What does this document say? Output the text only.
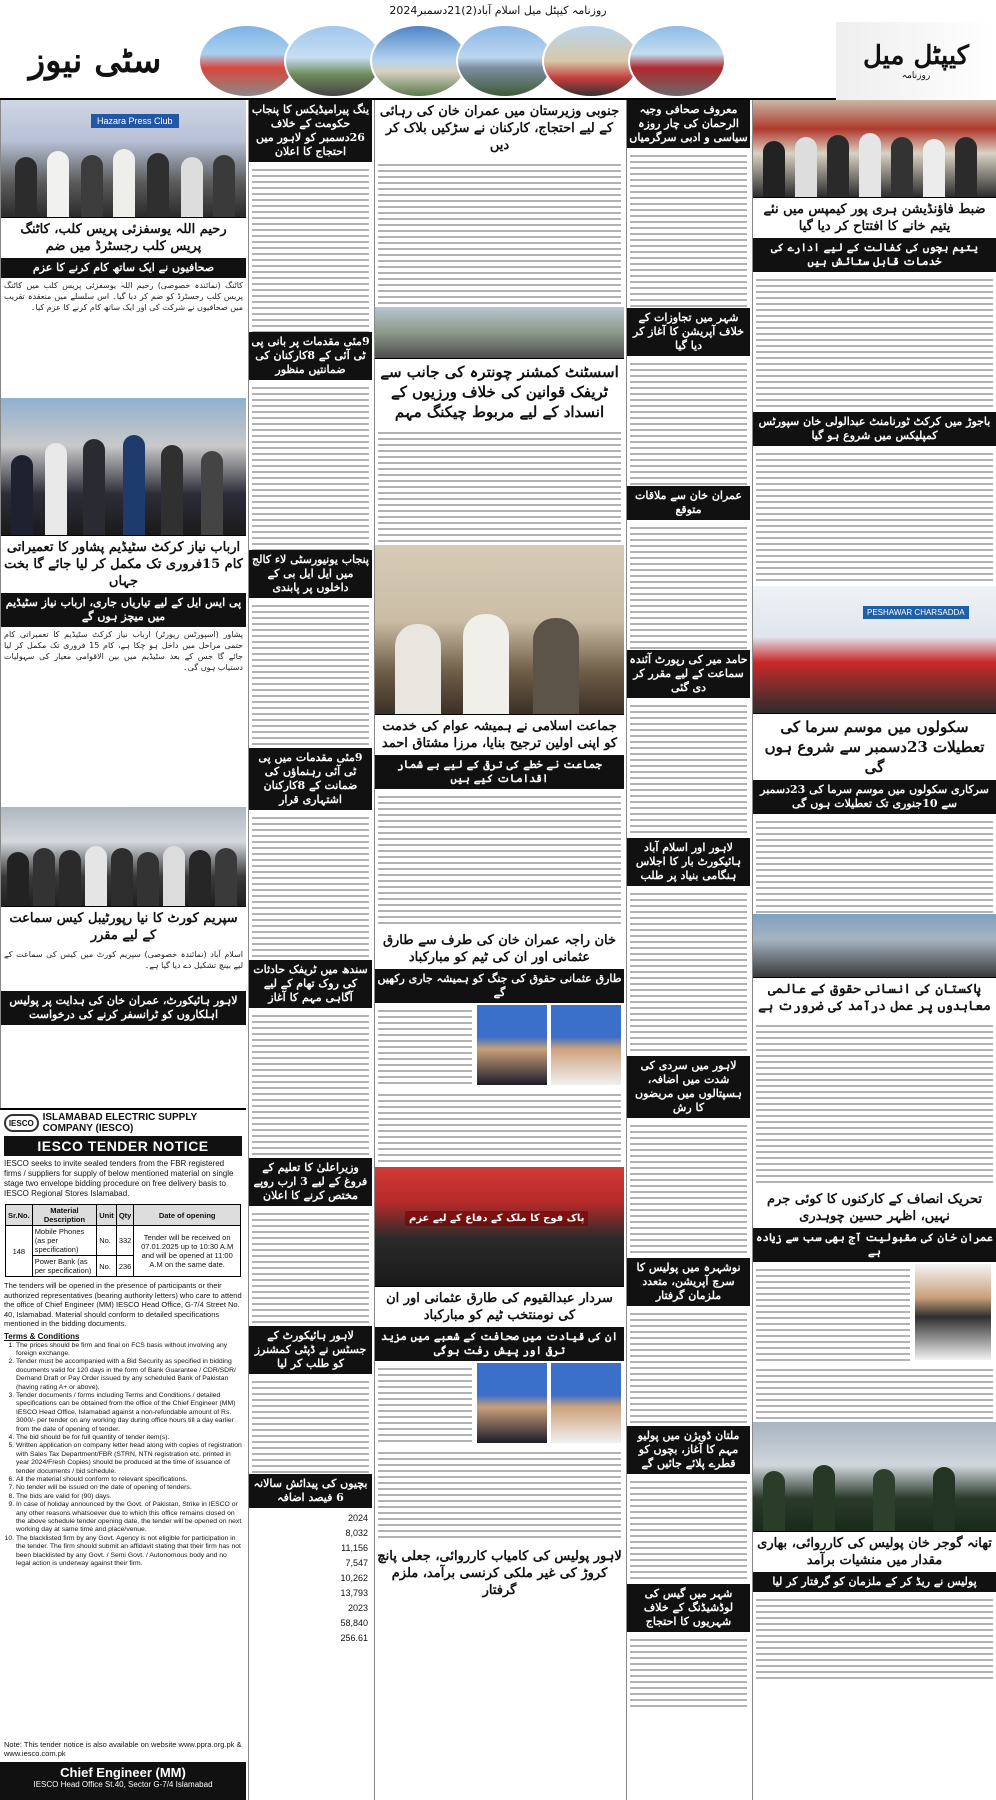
روزنامہ کیپٹل میل اسلام آباد(2)21دسمبر2024
سٹی نیوز	کیپٹل میل
روزنامہ
Hazara Press Club
رحیم اللہ یوسفزئی پریس کلب، کاٹنگ پریس کلب رجسٹرڈ میں ضم
صحافیوں نے ایک ساتھ کام کرنے کا عزم
کاٹنگ (نمائندہ خصوصی) رحیم اللہ یوسفزئی پریس کلب میں کاٹنگ پریس کلب رجسٹرڈ کو ضم کر دیا گیا۔ اس سلسلے میں منعقدہ تقریب میں صحافیوں نے شرکت کی اور ایک ساتھ کام کرنے کا عزم کیا۔
ارباب نیاز کرکٹ سٹیڈیم پشاور کا تعمیراتی کام 15فروری تک مکمل کر لیا جائے گا بخت جہاں
پی ایس ایل کے لیے تیاریاں جاری، ارباب نیاز سٹیڈیم میں میچز ہوں گے
پشاور (اسپورٹس رپورٹر) ارباب نیاز کرکٹ سٹیڈیم کا تعمیراتی کام حتمی مراحل میں داخل ہو چکا ہے، کام 15 فروری تک مکمل کر لیا جائے گا جس کے بعد سٹیڈیم میں بین الاقوامی معیار کی سہولیات دستیاب ہوں گی۔
سپریم کورٹ کا نیا رپورٹیبل کیس سماعت کے لیے مقرر
اسلام آباد (نمائندہ خصوصی) سپریم کورٹ میں کیس کی سماعت کے لیے بینچ تشکیل دے دیا گیا ہے۔
لاہور ہائیکورٹ، عمران خان کی ہدایت پر پولیس اہلکاروں کو ٹرانسفر کرنے کی درخواست
IESCO ISLAMABAD ELECTRIC SUPPLY COMPANY (IESCO)
IESCO TENDER NOTICE
IESCO seeks to invite sealed tenders from the FBR registered firms / suppliers for supply of below mentioned material on single stage two envelope bidding procedure on free delivery basis to IESCO Regional Stores Islamabad.
Sr.No.	Material Description	Unit	Qty	Date of opening
148	Mobile Phones (as per specification)	No.	332	Tender will be received on 07.01.2025 up to 10:30 A.M and will be opened at 11:00 A.M on the same date.
	Power Bank (as per specification)	No.	236	
The tenders will be opened in the presence of participants or their authorized representatives (bearing authority letters) who care to attend the office of Chief Engineer (MM) IESCO Head Office, G-7/4 Street No. 40, Islamabad. Material should conform to detailed specifications mentioned in the bidding documents.
Terms & Conditions
1. The prices should be firm and final on FCS basis without involving any foreign exchange.
2. Tender must be accompanied with a Bid Security as specified in bidding documents valid for 120 days in the form of Bank Guarantee / CDR/SDR/ Demand Draft or Pay Order issued by any scheduled Bank of Pakistan (having rating A+ or above).
3. Tender documents / forms including Terms and Conditions / detailed specifications can be obtained from the office of the Chief Engineer (MM) IESCO Head Office, Islamabad against a non-refundable amount of Rs. 3000/- per tender on any working day during office hours till a day earlier from the date of opening of tender.
4. The bid should be for full quantity of tender item(s).
5. Written application on company letter head along with copies of registration with Sales Tax Department/FBR (STRN, NTN registration etc. printed in year 2024/Fresh Copies) should be produced at the time of issuance of tender documents / bid schedule.
6. All the material should conform to relevant specifications.
7. No tender will be issued on the date of opening of tenders.
8. The bids are valid for (90) days.
9. In case of holiday announced by the Govt. of Pakistan, Strike in IESCO or any other reasons whatsoever due to which this office remains closed on the above schedule tender opening date, the tender will be opened on next working day at same time and place/venue.
10. The blacklisted firm by any Govt. Agency is not eligible for participation in the tender. The firm should submit an affidavit stating that their firm has not been blacklisted by any Govt. / Semi Govt. / Autonomous body and no legal action is underway against their firm.
Note: This tender notice is also available on website www.ppra.org.pk & www.iesco.com.pk
Chief Engineer (MM)
IESCO Head Office St.40, Sector G-7/4 Islamabad
ینگ پیرامیڈیکس کا پنجاب حکومت کے خلاف 26دسمبر کو لاہور میں احتجاج کا اعلان
9مئی مقدمات پر بانی پی ٹی آئی کے 8کارکنان کی ضمانتیں منظور
پنجاب یونیورسٹی لاء کالج میں ایل ایل بی کے داخلوں پر پابندی
9مئی مقدمات میں پی ٹی آئی رہنماؤں کی ضمانت کے 8کارکنان اشتہاری قرار
سندھ میں ٹریفک حادثات کی روک تھام کے لیے آگاہی مہم کا آغاز
وزیراعلیٰ کا تعلیم کے فروغ کے لیے 3 ارب روپے مختص کرنے کا اعلان
لاہور ہائیکورٹ کے جسٹس نے ڈپٹی کمشنرز کو طلب کر لیا
بچیوں کی پیدائش سالانہ 6 فیصد اضافہ
2024
8,032
11,156
7,547
10,262
13,793
2023
58,840
256.61
جنوبی وزیرستان میں عمران خان کی رہائی کے لیے احتجاج، کارکنان نے سڑکیں بلاک کر دیں
اسسٹنٹ کمشنر چونترہ کی جانب سے ٹریفک قوانین کی خلاف ورزیوں کے انسداد کے لیے مربوط چیکنگ مہم
جماعت اسلامی نے ہمیشہ عوام کی خدمت کو اپنی اولین ترجیح بنایا، مرزا مشتاق احمد
جماعت نے خطے کی ترقی کے لیے بے شمار اقدامات کیے ہیں
خان راجہ عمران خان کی طرف سے طارق عثمانی اور ان کی ٹیم کو مبارکباد
طارق عثمانی حقوق کی جنگ کو ہمیشہ جاری رکھیں گے
پاک فوج کا ملک کے دفاع کے لیے عزم
سردار عبدالقیوم کی طارق عثمانی اور ان کی نومنتخب ٹیم کو مبارکباد
ان کی قیادت میں صحافت کے شعبے میں مزید ترقی اور پیش رفت ہوگی
لاہور پولیس کی کامیاب کارروائی، جعلی پانچ کروڑ کی غیر ملکی کرنسی برآمد، ملزم گرفتار
معروف صحافی وجیہ الرحمان کی چار روزہ سیاسی و ادبی سرگرمیاں
شہر میں تجاوزات کے خلاف آپریشن کا آغاز کر دیا گیا
عمران خان سے ملاقات متوقع
حامد میر کی رپورٹ آئندہ سماعت کے لیے مقرر کر دی گئی
لاہور اور اسلام آباد ہائیکورٹ بار کا اجلاس ہنگامی بنیاد پر طلب
لاہور میں سردی کی شدت میں اضافہ، ہسپتالوں میں مریضوں کا رش
نوشہرہ میں پولیس کا سرچ آپریشن، متعدد ملزمان گرفتار
ملتان ڈویژن میں پولیو مہم کا آغاز، بچوں کو قطرے پلائے جائیں گے
شہر میں گیس کی لوڈشیڈنگ کے خلاف شہریوں کا احتجاج
ضبط فاؤنڈیشن ہری پور کیمپس میں نئے یتیم خانے کا افتتاح کر دیا گیا
یتیم بچوں کی کفالت کے لیے ادارے کی خدمات قابل ستائش ہیں
باجوڑ میں کرکٹ ٹورنامنٹ عبدالولی خان سپورٹس کمپلیکس میں شروع ہو گیا
PESHAWAR CHARSADDA
سکولوں میں موسم سرما کی تعطیلات 23دسمبر سے شروع ہوں گی
سرکاری سکولوں میں موسم سرما کی 23دسمبر سے 10جنوری تک تعطیلات ہوں گی
پاکستان کی انسانی حقوق کے عالمی معاہدوں پر عمل درآمد کی ضرورت ہے
تحریک انصاف کے کارکنوں کا کوئی جرم نہیں، اظہر حسین چوہدری
عمران خان کی مقبولیت آج بھی سب سے زیادہ ہے
تھانہ گوجر خان پولیس کی کارروائی، بھاری مقدار میں منشیات برآمد
پولیس نے ریڈ کر کے ملزمان کو گرفتار کر لیا
